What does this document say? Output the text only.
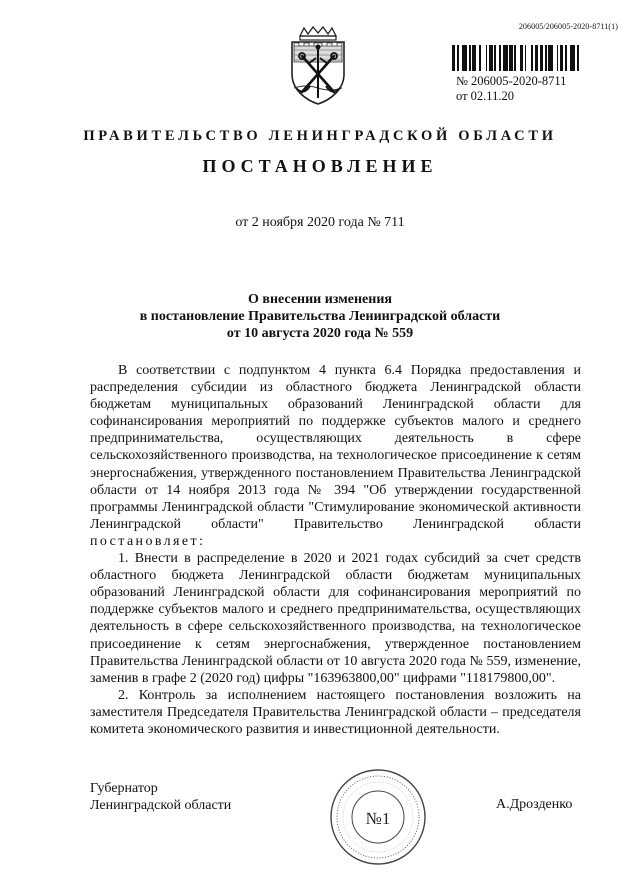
206005/206005-2020-8711(1)
№ 206005-2020-8711
от 02.11.20
ПРАВИТЕЛЬСТВО ЛЕНИНГРАДСКОЙ ОБЛАСТИ
ПОСТАНОВЛЕНИЕ
от 2 ноября 2020 года № 711
О внесении изменения
в постановление Правительства Ленинградской области
от 10 августа 2020 года № 559

В соответствии с подпунктом 4 пункта 6.4 Порядка предоставления и распределения субсидии из областного бюджета Ленинградской области бюджетам муниципальных образований Ленинградской области для софинансирования мероприятий по поддержке субъектов малого и среднего предпринимательства, осуществляющих деятельность в сфере сельскохозяйственного производства, на технологическое присоединение к сетям энергоснабжения, утвержденного постановлением Правительства Ленинградской области от 14 ноября 2013 года № 394 "Об утверждении государственной программы Ленинградской области "Стимулирование экономической активности Ленинградской области" Правительство Ленинградской области постановляет:

1. Внести в распределение в 2020 и 2021 годах субсидий за счет средств областного бюджета Ленинградской области бюджетам муниципальных образований Ленинградской области для софинансирования мероприятий по поддержке субъектов малого и среднего предпринимательства, осуществляющих деятельность в сфере сельскохозяйственного производства, на технологическое присоединение к сетям энергоснабжения, утвержденное постановлением Правительства Ленинградской области от 10 августа 2020 года № 559, изменение, заменив в графе 2 (2020 год) цифры "163963800,00" цифрами "118179800,00".

2. Контроль за исполнением настоящего постановления возложить на заместителя Председателя Правительства Ленинградской области – председателя комитета экономического развития и инвестиционной деятельности.

Губернатор
Ленинградской области
№1
А.Дрозденко
